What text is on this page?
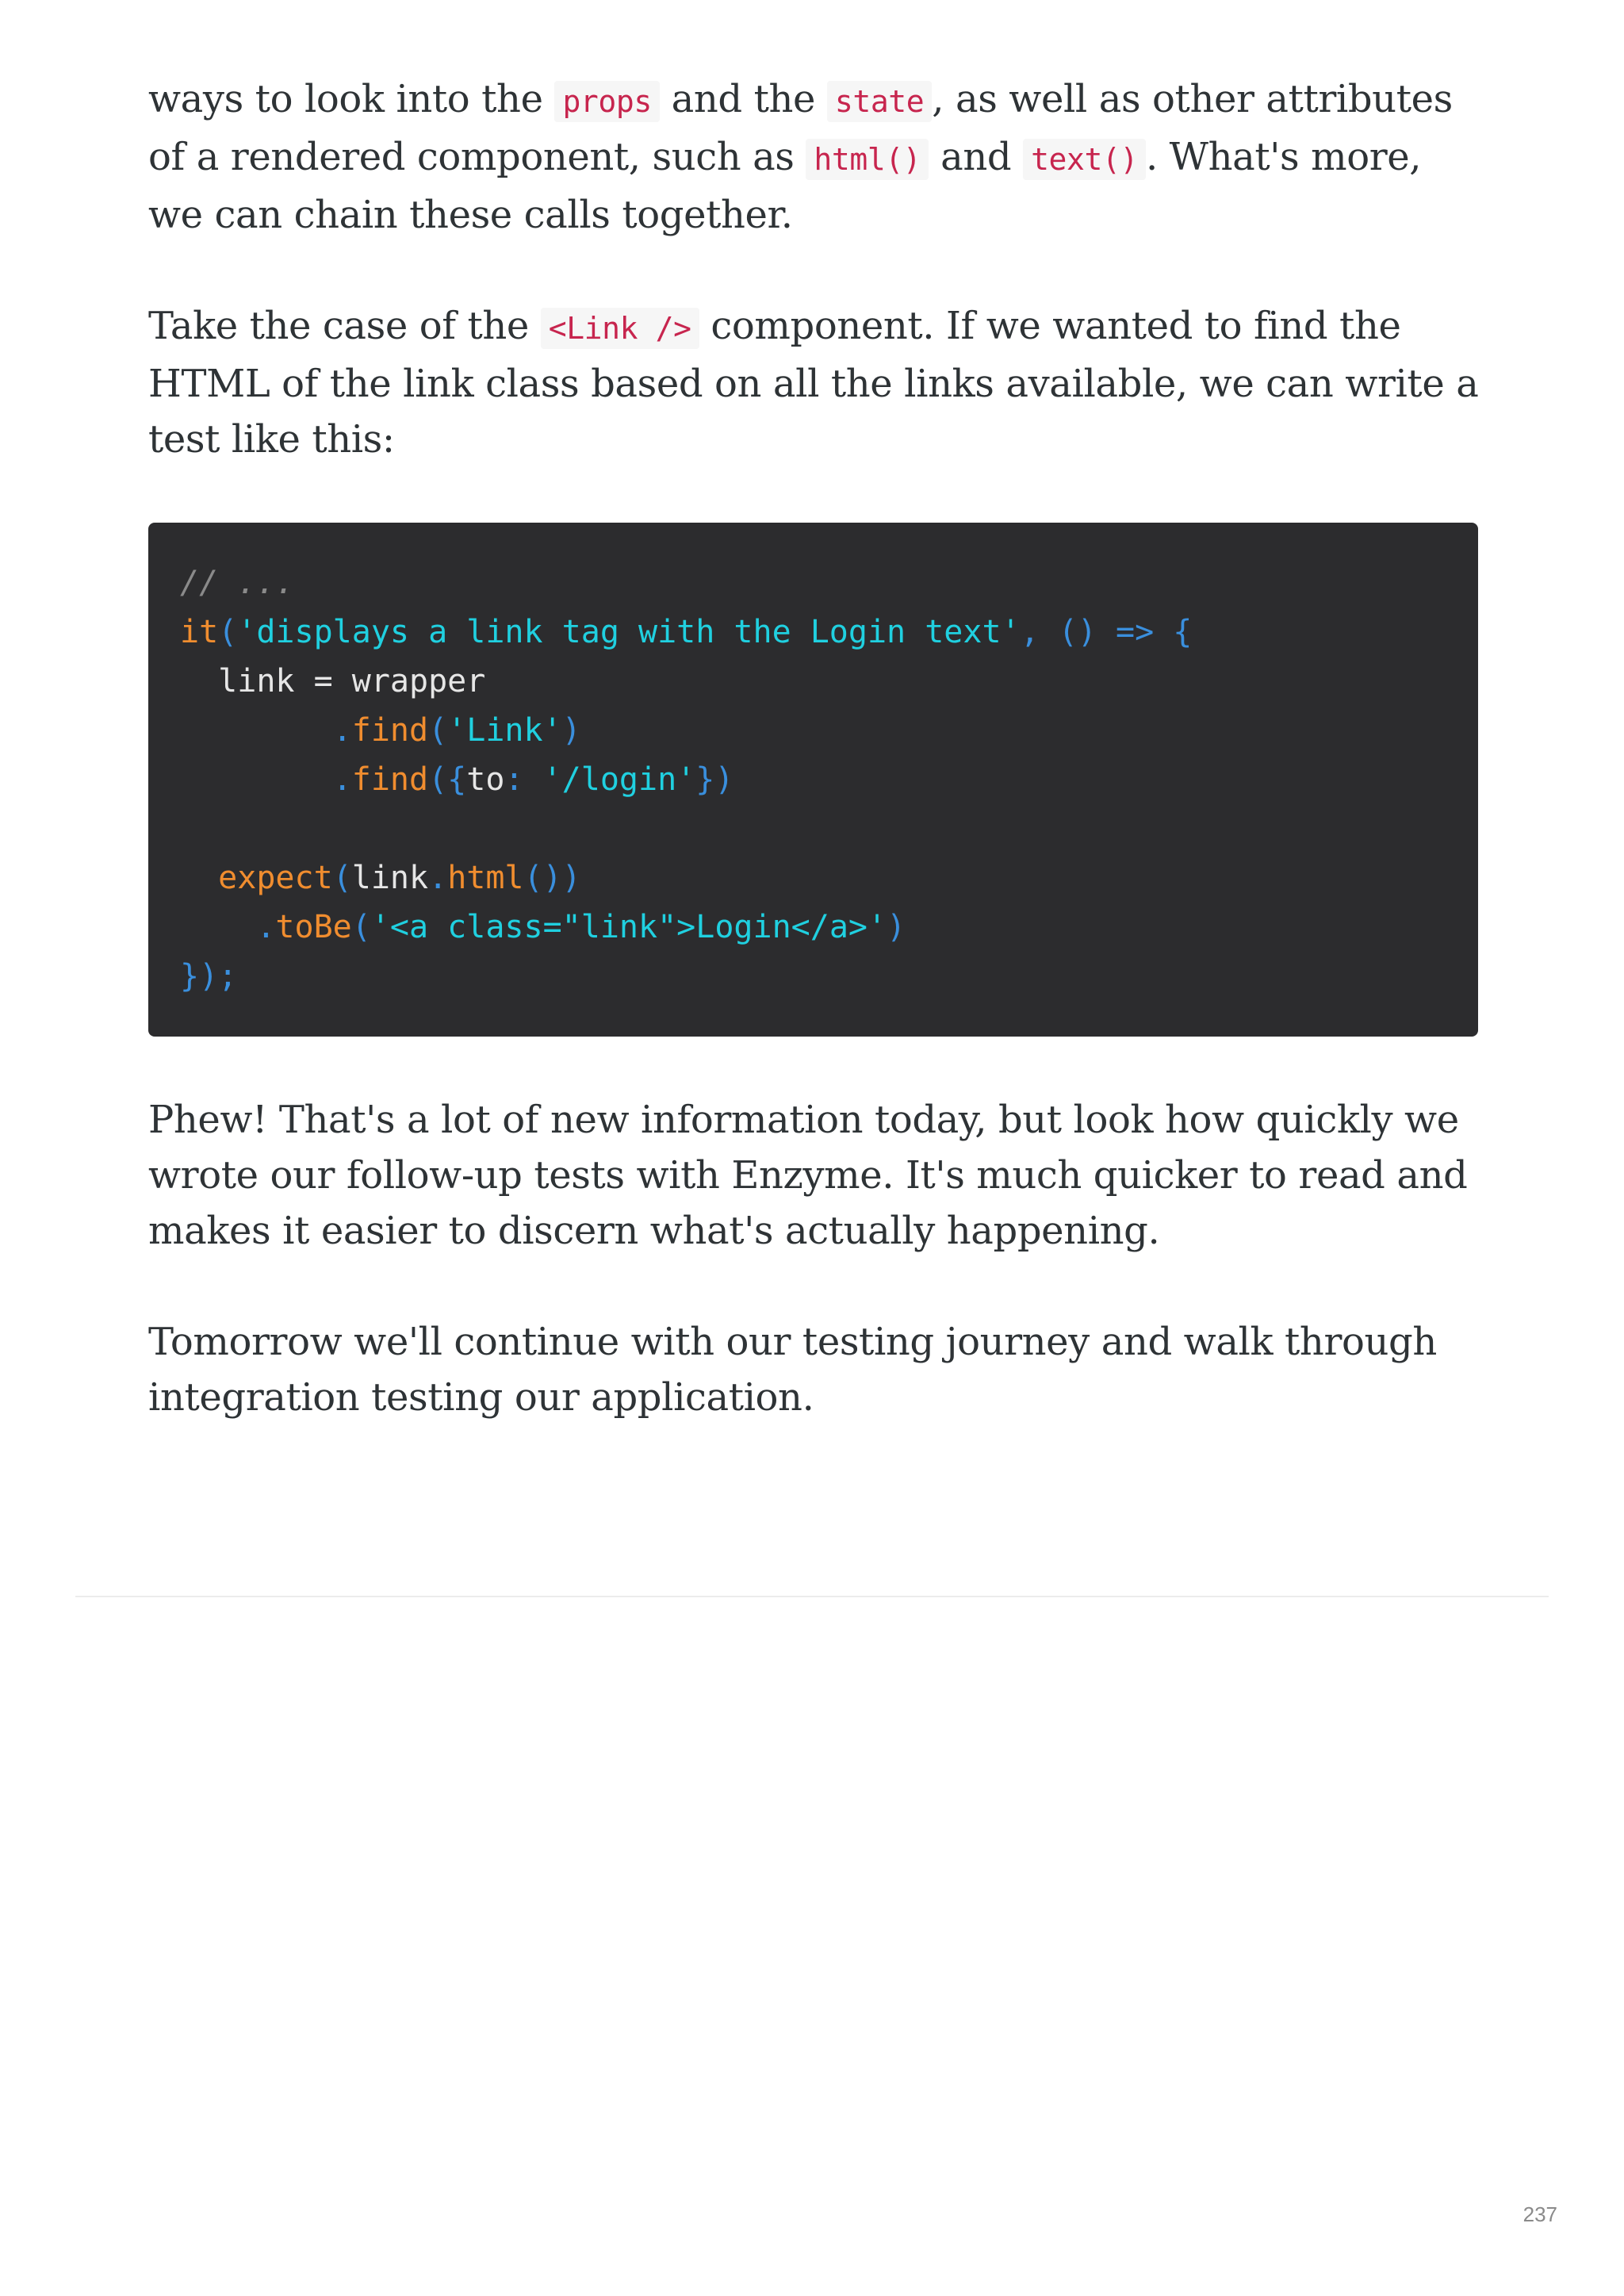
ways to look into the props and the state , as well as other attributes of a rendered component, such as html() and text() . What's more, we can chain these calls together.

Take the case of the <Link /> component. If we wanted to find the HTML of the link class based on all the links available, we can write a test like this:

// ...
it('displays a link tag with the Login text', () => {
link = wrapper
.find('Link')
.find({to: '/login'})
expect(link.html())
.toBe('<a class="link">Login</a>')
});

Phew! That's a lot of new information today, but look how quickly we wrote our follow-up tests with Enzyme. It's much quicker to read and makes it easier to discern what's actually happening.

Tomorrow we'll continue with our testing journey and walk through integration testing our application.

237
